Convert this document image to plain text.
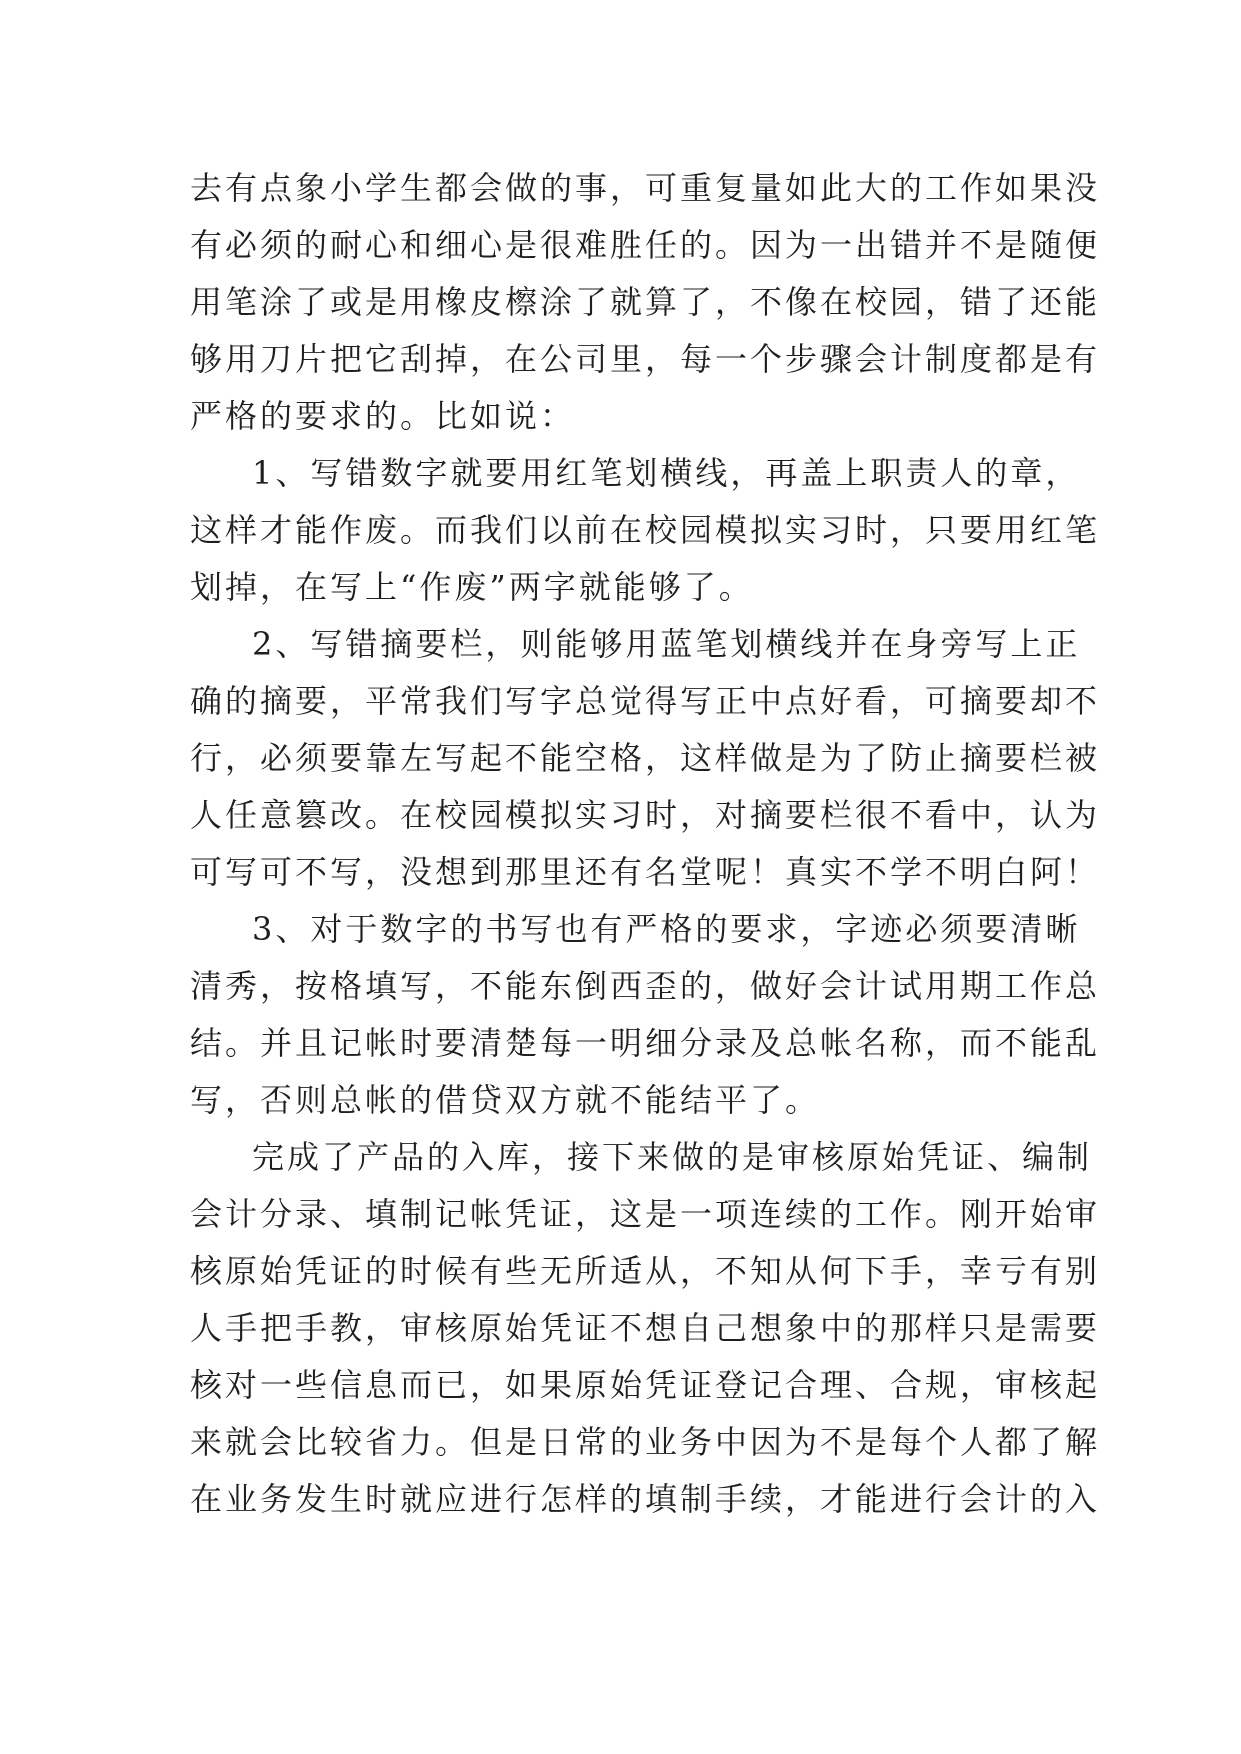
去有点象小学生都会做的事，可重复量如此大的工作如果没
有必须的耐心和细心是很难胜任的。因为一出错并不是随便
用笔涂了或是用橡皮檫涂了就算了，不像在校园，错了还能
够用刀片把它刮掉，在公司里，每一个步骤会计制度都是有
严格的要求的。比如说：
1、写错数字就要用红笔划横线，再盖上职责人的章，
这样才能作废。而我们以前在校园模拟实习时，只要用红笔
划掉，在写上“作废”两字就能够了。
2、写错摘要栏，则能够用蓝笔划横线并在身旁写上正
确的摘要，平常我们写字总觉得写正中点好看，可摘要却不
行，必须要靠左写起不能空格，这样做是为了防止摘要栏被
人任意篡改。在校园模拟实习时，对摘要栏很不看中，认为
可写可不写，没想到那里还有名堂呢！真实不学不明白阿！
3、对于数字的书写也有严格的要求，字迹必须要清晰
清秀，按格填写，不能东倒西歪的，做好会计试用期工作总
结。并且记帐时要清楚每一明细分录及总帐名称，而不能乱
写，否则总帐的借贷双方就不能结平了。
完成了产品的入库，接下来做的是审核原始凭证、编制
会计分录、填制记帐凭证，这是一项连续的工作。刚开始审
核原始凭证的时候有些无所适从，不知从何下手，幸亏有别
人手把手教，审核原始凭证不想自己想象中的那样只是需要
核对一些信息而已，如果原始凭证登记合理、合规，审核起
来就会比较省力。但是日常的业务中因为不是每个人都了解
在业务发生时就应进行怎样的填制手续，才能进行会计的入
